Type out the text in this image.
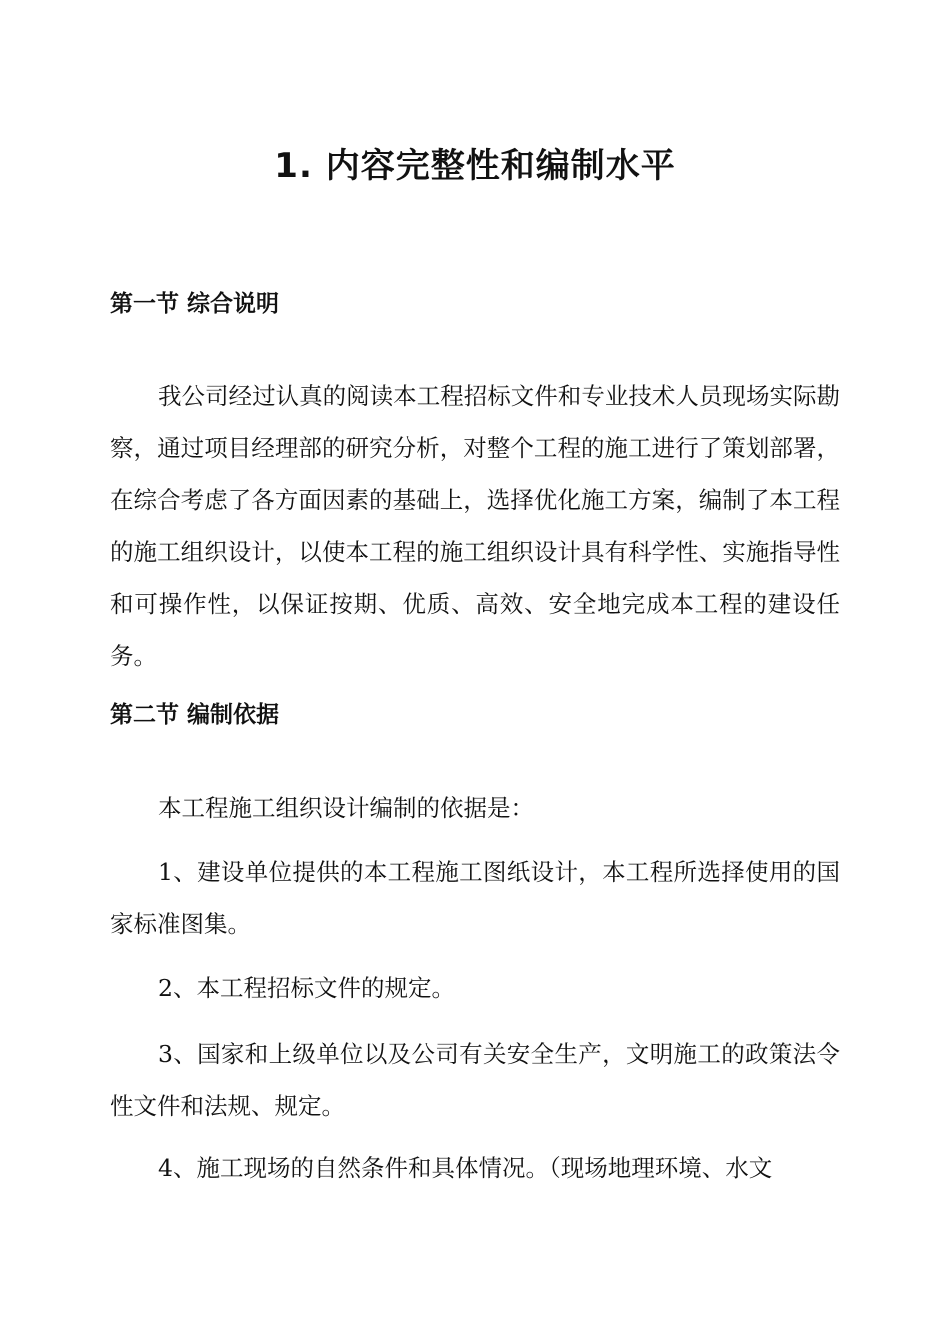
1. 内容完整性和编制水平
第一节 综合说明

我公司经过认真的阅读本工程招标文件和专业技术人员现场实际勘察，通过项目经理部的研究分析，对整个工程的施工进行了策划部署，在综合考虑了各方面因素的基础上，选择优化施工方案，编制了本工程的施工组织设计，以使本工程的施工组织设计具有科学性、实施指导性和可操作性，以保证按期、优质、高效、安全地完成本工程的建设任务。

第二节 编制依据

本工程施工组织设计编制的依据是：

1、建设单位提供的本工程施工图纸设计，本工程所选择使用的国家标准图集。

2、本工程招标文件的规定。

3、国家和上级单位以及公司有关安全生产，文明施工的政策法令性文件和法规、规定。

4、施工现场的自然条件和具体情况。（现场地理环境、水文
